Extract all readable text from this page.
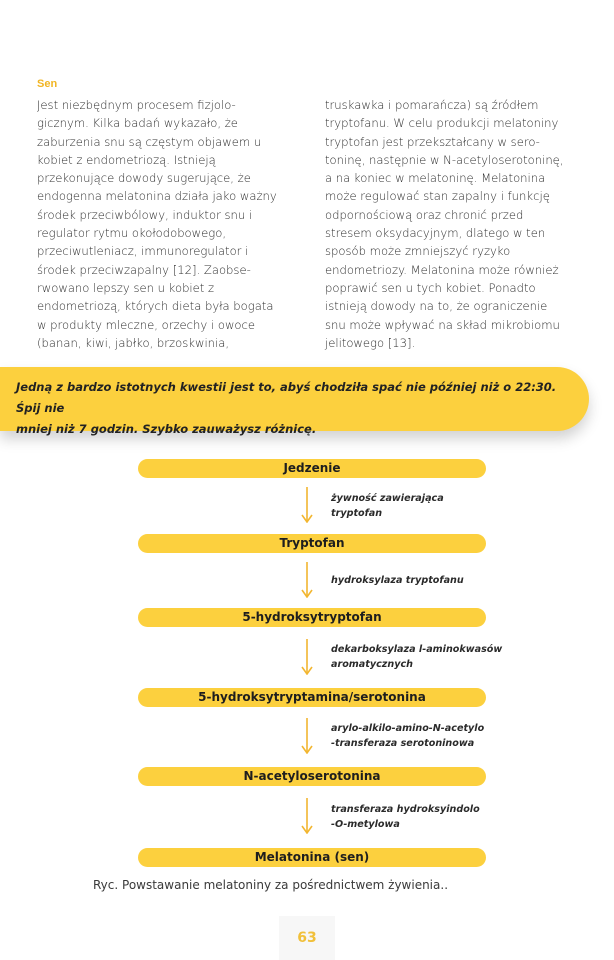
Sen
Jest niezbędnym procesem fizjolo-
gicznym. Kilka badań wykazało, że
zaburzenia snu są częstym objawem u
kobiet z endometriozą. Istnieją
przekonujące dowody sugerujące, że
endogenna melatonina działa jako ważny
środek przeciwbólowy, induktor snu i
regulator rytmu okołodobowego,
przeciwutleniacz, immunoregulator i
środek przeciwzapalny [12]. Zaobse-
rwowano lepszy sen u kobiet z
endometriozą, których dieta była bogata
w produkty mleczne, orzechy i owoce
(banan, kiwi, jabłko, brzoskwinia,
truskawka i pomarańcza) są źródłem
tryptofanu. W celu produkcji melatoniny
tryptofan jest przekształcany w sero-
toninę, następnie w N-acetyloserotoninę,
a na koniec w melatoninę. Melatonina
może regulować stan zapalny i funkcję
odpornościową oraz chronić przed
stresem oksydacyjnym, dlatego w ten
sposób może zmniejszyć ryzyko
endometriozy. Melatonina może również
poprawić sen u tych kobiet. Ponadto
istnieją dowody na to, że ograniczenie
snu może wpływać na skład mikrobiomu
jelitowego [13].
Jedną z bardzo istotnych kwestii jest to, abyś chodziła spać nie później niż o 22:30. Śpij nie
mniej niż 7 godzin. Szybko zauważysz różnicę.
Jedzenie
Tryptofan
5-hydroksytryptofan
5-hydroksytryptamina/serotonina
N-acetyloserotonina
Melatonina (sen)
żywność zawierająca
tryptofan
hydroksylaza tryptofanu
dekarboksylaza l-aminokwasów
aromatycznych
arylo-alkilo-amino-N-acetylo
-transferaza serotoninowa
transferaza hydroksyindolo
-O-metylowa
Ryc. Powstawanie melatoniny za pośrednictwem żywienia..
63
